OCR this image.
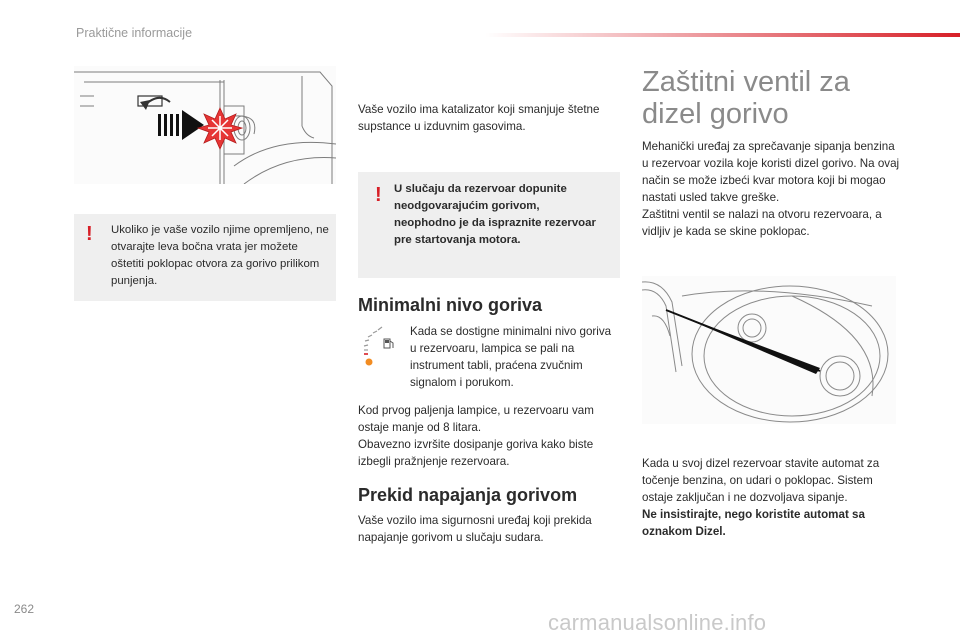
Praktične informacije
! Ukoliko je vaše vozilo njime opremljeno, ne otvarajte leva bočna vrata jer možete oštetiti poklopac otvora za gorivo prilikom punjenja.
Vaše vozilo ima katalizator koji smanjuje štetne supstance u izduvnim gasovima.
! U slučaju da rezervoar dopunite neodgovarajućim gorivom, neophodno je da ispraznite rezervoar pre startovanja motora.
Minimalni nivo goriva
Kada se dostigne minimalni nivo goriva u rezervoaru, lampica se pali na instrument tabli, praćena zvučnim signalom i porukom.

Kod prvog paljenja lampice, u rezervoaru vam ostaje manje od 8 litara.

Obavezno izvršite dosipanje goriva kako biste izbegli pražnjenje rezervoara.

Prekid napajanja gorivom
Vaše vozilo ima sigurnosni uređaj koji prekida napajanje gorivom u slučaju sudara.
Zaštitni ventil za
dizel gorivo

Mehanički uređaj za sprečavanje sipanja benzina u rezervoar vozila koje koristi dizel gorivo. Na ovaj način se može izbeći kvar motora koji bi mogao nastati usled takve greške.

Zaštitni ventil se nalazi na otvoru rezervoara, a vidljiv je kada se skine poklopac.

Kada u svoj dizel rezervoar stavite automat za točenje benzina, on udari o poklopac. Sistem ostaje zaključan i ne dozvoljava sipanje.

Ne insistirajte, nego koristite automat sa oznakom Dizel.

262
carmanualsonline.info
